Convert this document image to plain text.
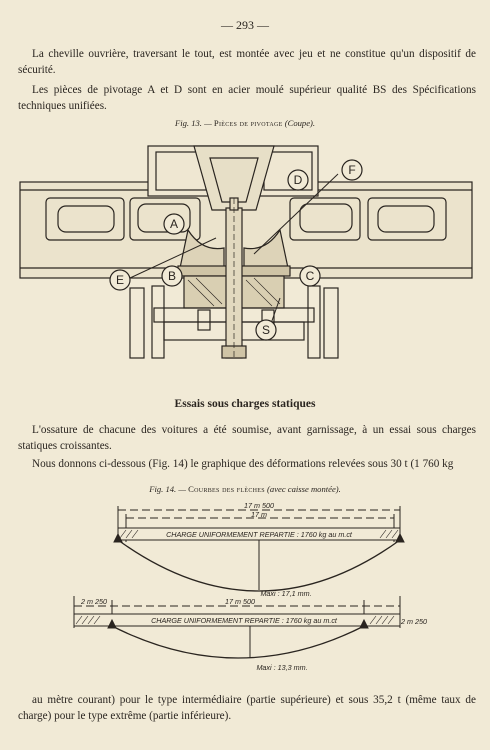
— 293 —

La cheville ouvrière, traversant le tout, est montée avec jeu et ne constitue qu'un dispositif de sécurité.

Les pièces de pivotage A et D sont en acier moulé supérieur qualité BS des Spécifications techniques unifiées.

Fig. 13. — Pièces de pivotage (Coupe).
A
D
F
E	B	C
S
Essais sous charges statiques

L'ossature de chacune des voitures a été soumise, avant garnissage, à un essai sous charges statiques croissantes.

Nous donnons ci-dessous (Fig. 14) le graphique des déformations relevées sous 30 t (1 760 kg

Fig. 14. — Courbes des flèches (avec caisse montée).
17 m 500
17 m
CHARGE UNIFORMEMENT REPARTIE : 1760 kg au m.ct
Maxi : 17,1 mm.
2 m 250	17 m 500
2 m 250
CHARGE UNIFORMEMENT REPARTIE : 1760 kg au m.ct
Maxi : 13,3 mm.

au mètre courant) pour le type intermédiaire (partie supérieure) et sous 35,2 t (même taux de charge) pour le type extrême (partie inférieure).
